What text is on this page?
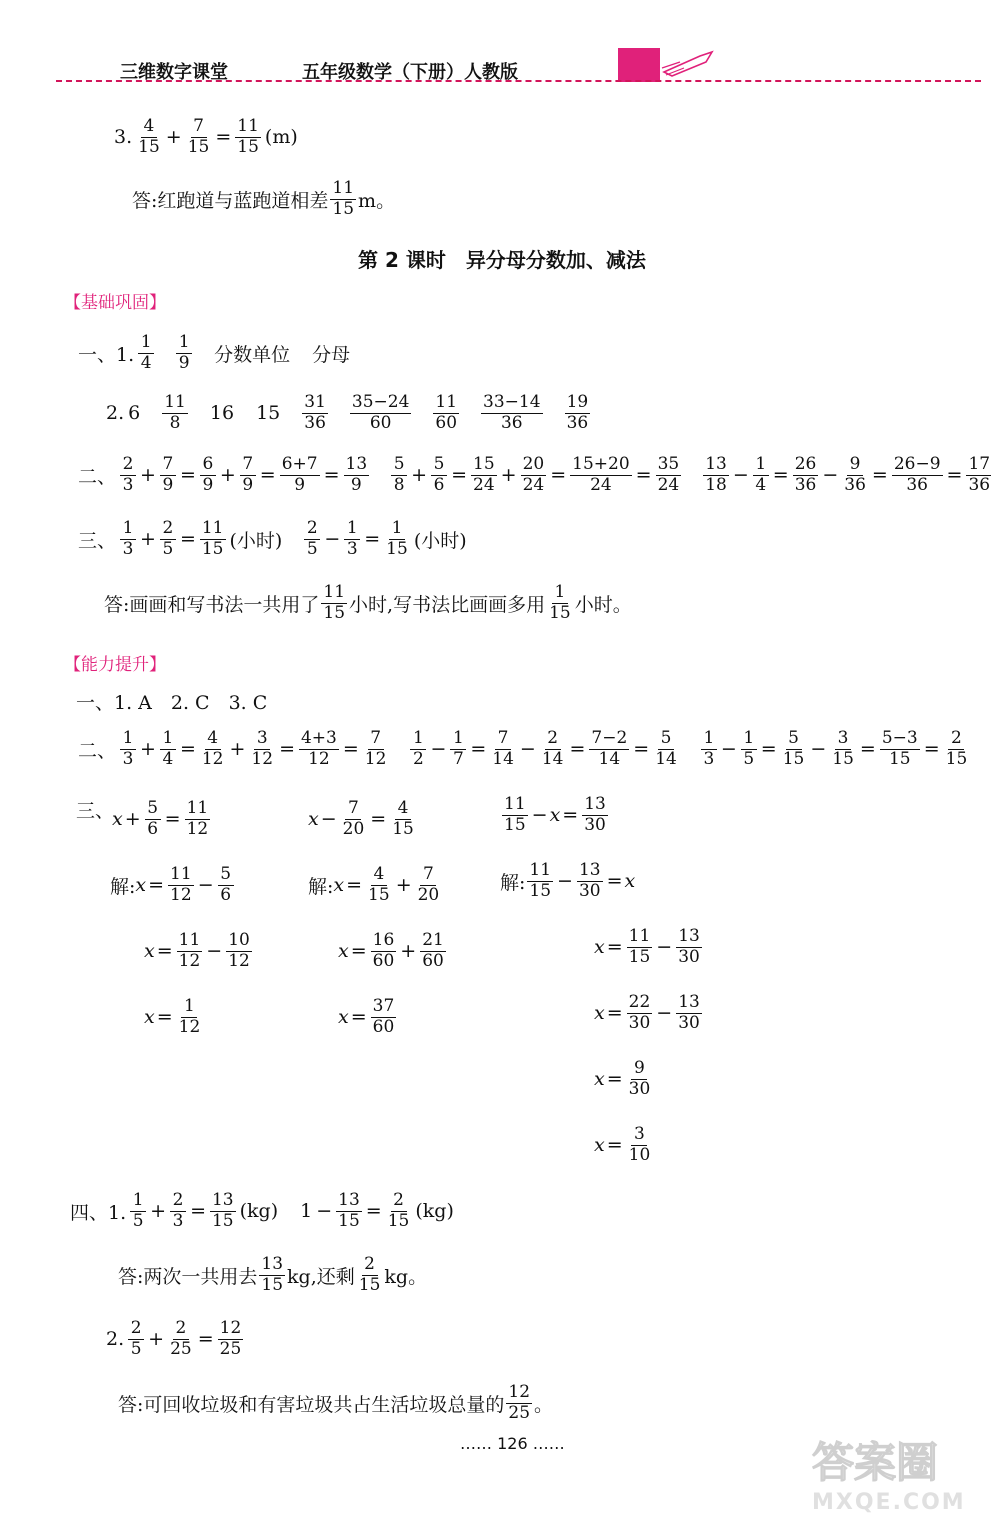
三维数字课堂	五年级数学（下册）人教版
3.
4
$15 + \frac{7}{15} = \frac{11}{15} (m)$
答:红跑道与蓝跑道相差
11
15 m。
第 2 课时　异分母分数加、减法
【基础巩固】
一、1.
1
4
1
9 分数单位 分母
2. 6
11
8 16 15
31
36
35−24
60
11
60
33−14
36
19
36
二、
2
$3 + \frac{7}{9} = \frac{6}{9} + \frac{7}{9} = \frac{6+7}{9} = \frac{13}{9} 5$
$8 + \frac{5}{6} = \frac{15}{24} + \frac{20}{24} = \frac{15+20}{24} = \frac{35}{24} 13$
$18 - \frac{1}{4} = \frac{26}{36} - \frac{9}{36} = \frac{26-9}{36} = \frac{17}{36}$
三、
1
$3 + \frac{2}{5} = \frac{11}{15}$ (小时)
2
$5 - \frac{1}{3} = \frac{1}{15}$ (小时)
答:画画和写书法一共用了
11
15 小时,写书法比画画多用
1
15 小时。
【能力提升】
一、1. A　2. C　3. C
二、
1
$3 + \frac{1}{4} = \frac{4}{12} + \frac{3}{12} = \frac{4+3}{12} = \frac{7}{12} 1$
$2 - \frac{1}{7} = \frac{7}{14} - \frac{2}{14} = \frac{7-2}{14} = \frac{5}{14} 1$
$3 - \frac{1}{5} = \frac{5}{15} - \frac{3}{15} = \frac{5-3}{15} = \frac{2}{15}$
三、
$x + \frac{5}{6} = \frac{11}{12}$
解: $x = \frac{11}{12} - \frac{5}{6}$
$x = \frac{11}{12} - \frac{10}{12}$
$x = \frac{1}{12}$
$x - \frac{7}{20} = \frac{4}{15}$
解: $x = \frac{4}{15} + \frac{7}{20}$
$x = \frac{16}{60} + \frac{21}{60}$
$x = \frac{37}{60}$
11
$15 - x = \frac{13}{30}$
解:
11
$15 - \frac{13}{30} = x$
$x = \frac{11}{15} - \frac{13}{30}$
$x = \frac{22}{30} - \frac{13}{30}$
$x = \frac{9}{30}$
$x = \frac{3}{10}$
四、1.
1
$5 + \frac{2}{3} = \frac{13}{15} (kg) 1 - \frac{13}{15} = \frac{2}{15} (kg)$
答:两次一共用去
13
15 kg,还剩
2
15 kg。
2.
2
$5 + \frac{2}{25} = \frac{12}{25}$
答:可回收垃圾和有害垃圾共占生活垃圾总量的
12
25 。
…… 126 ……	答案圈
MXQE.COM
